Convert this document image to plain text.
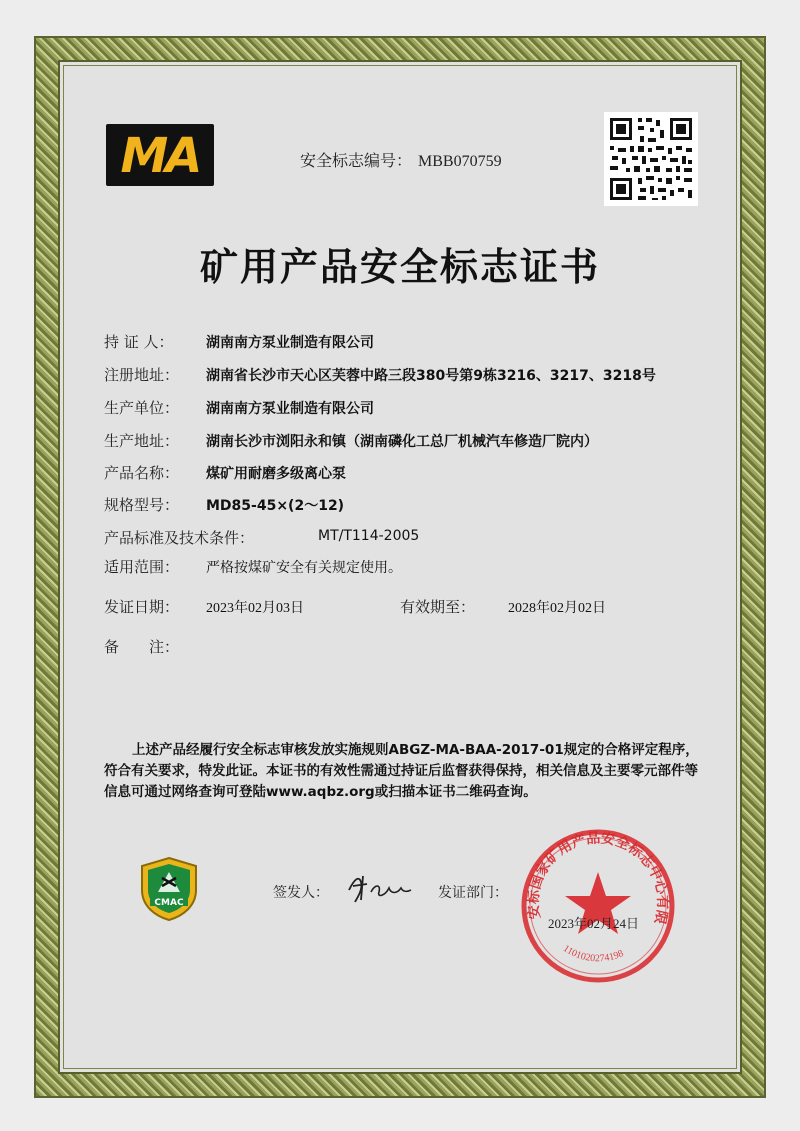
MA	安全标志编号： MBB070759
矿用产品安全标志证书
持 证 人： 湖南南方泵业制造有限公司
注册地址： 湖南省长沙市天心区芙蓉中路三段380号第9栋3216、3217、3218号
生产单位： 湖南南方泵业制造有限公司
生产地址： 湖南长沙市浏阳永和镇（湖南磷化工总厂机械汽车修造厂院内）
产品名称： 煤矿用耐磨多级离心泵
规格型号： MD85-45×(2～12)
产品标准及技术条件：	MT/T114-2005
适用范围： 严格按煤矿安全有关规定使用。
发证日期： 2023年02月03日	有效期至： 2028年02月02日
备　　注：
上述产品经履行安全标志审核发放实施规则ABGZ-MA-BAA-2017-01规定的合格评定程序，符合有关要求，特发此证。本证书的有效性需通过持证后监督获得保持，相关信息及主要零元部件等信息可通过网络查询可登陆www.aqbz.org或扫描本证书二维码查询。
CMAC
签发人：	发证部门：
安标国家矿用产品安全标志中心有限
1101020274198
2023年02月24日
